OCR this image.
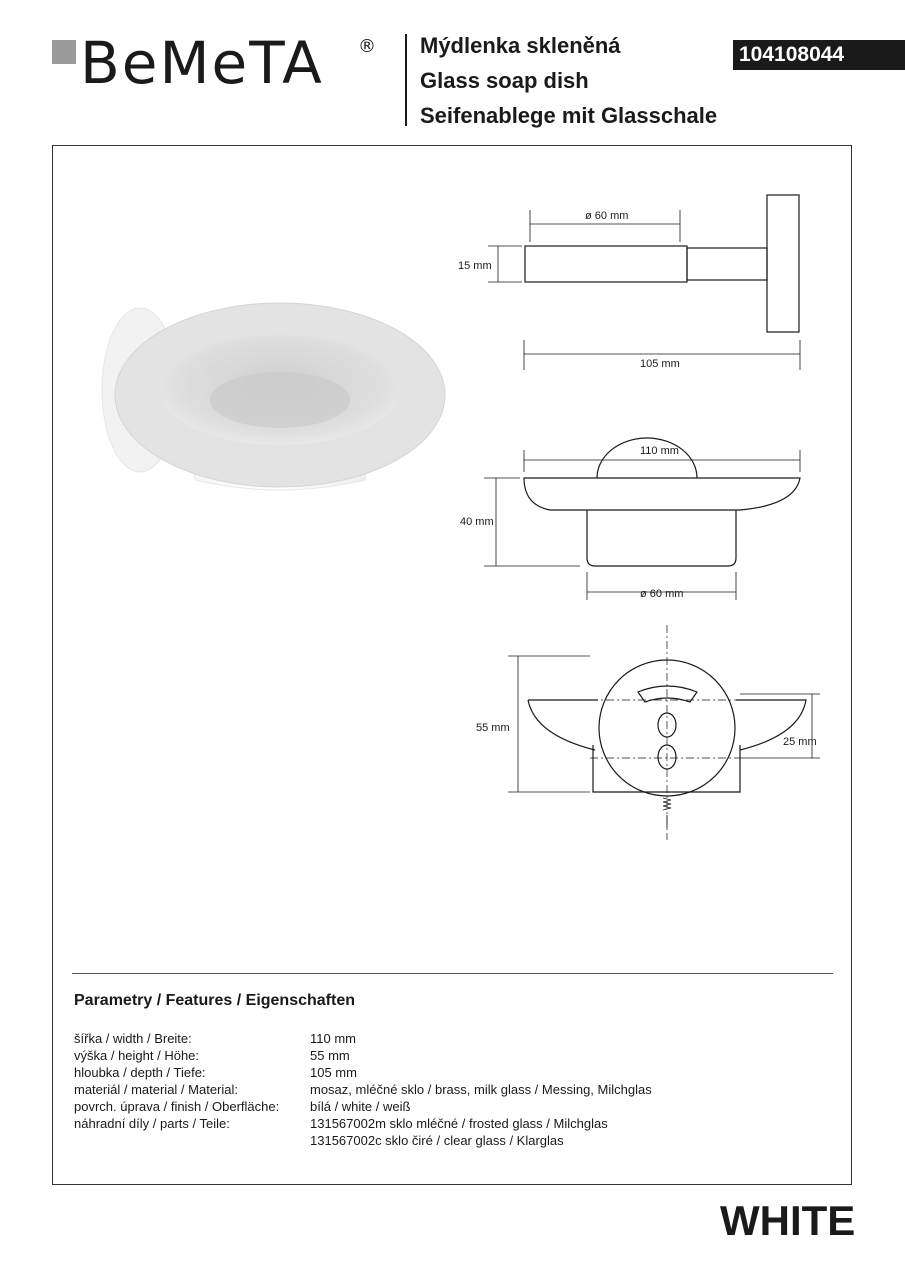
BeMeTA ® Mýdlenka skleněná
Glass soap dish
Seifenablege mit Glasschale
104108044
ø 60 mm
15 mm
105 mm
110 mm
40 mm
ø 60 mm
55 mm
25 mm
Parametry / Features / Eigenschaften
šířka / width / Breite:	110 mm
výška / height / Höhe:	55 mm
hloubka / depth / Tiefe:	105 mm
materiál / material / Material:	mosaz, mléčné sklo / brass, milk glass / Messing, Milchglas
povrch. úprava / finish / Oberfläche: bílá / white / weiß
náhradní díly / parts / Teile:	131567002m sklo mléčné / frosted glass / Milchglas
131567002c sklo čiré / clear glass / Klarglas
WHITE
